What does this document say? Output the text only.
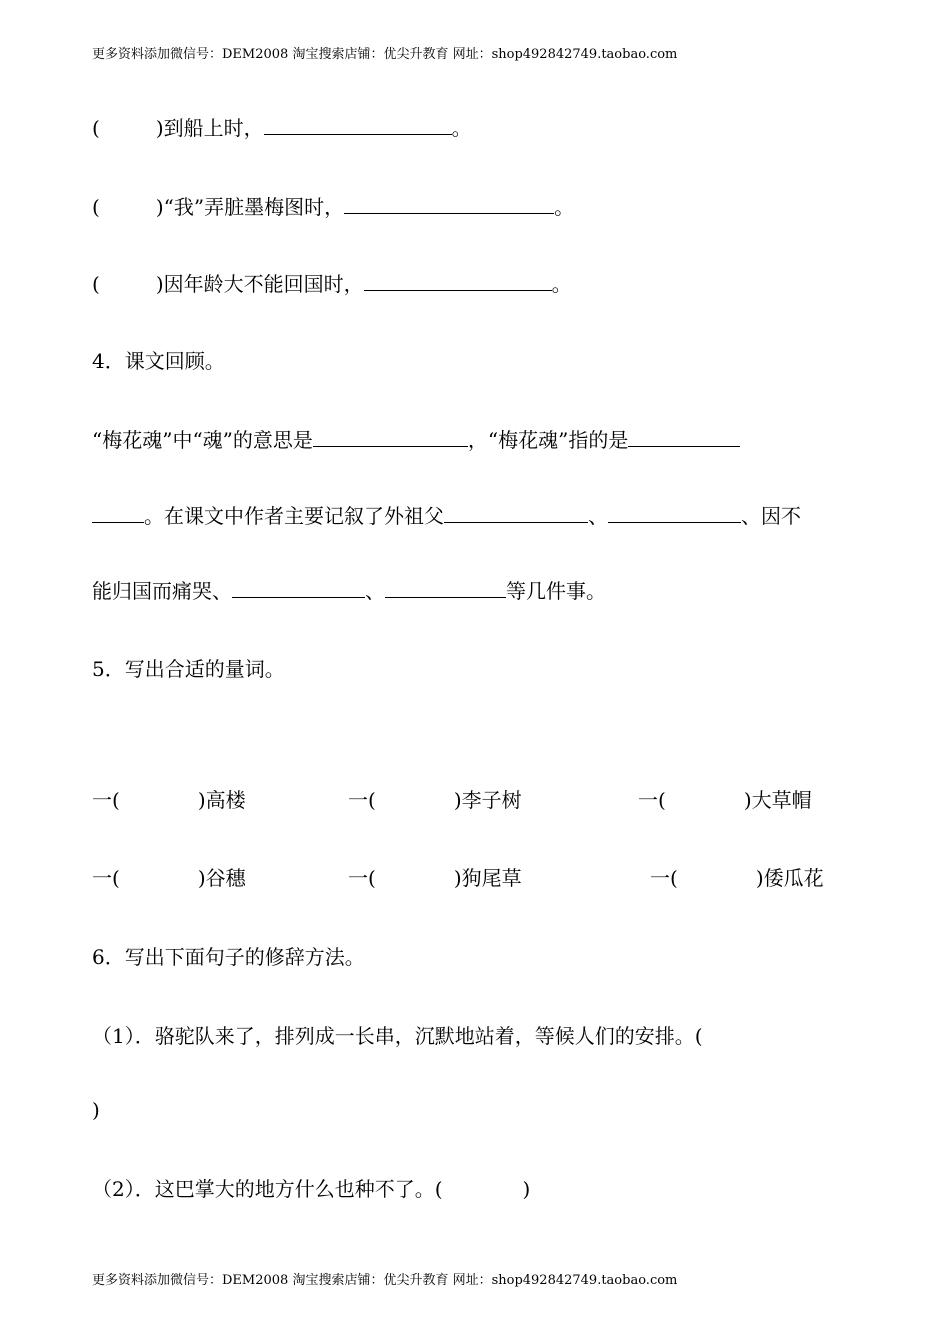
更多资料添加微信号：DEM2008 淘宝搜索店铺：优尖升教育 网址：shop492842749.taobao.com
(	)到船上时，	。
(	)“我”弄脏墨梅图时，	。
(	)因年龄大不能回国时，	。
4．课文回顾。
“梅花魂”中“魂”的意思是	，“梅花魂”指的是
。在课文中作者主要记叙了外祖父	、	、因不
能归国而痛哭、	、	等几件事。
5．写出合适的量词。
一(	)高楼	一(	)李子树	一(	)大草帽
一(	)谷穗	一(	)狗尾草	一(	)倭瓜花
6．写出下面句子的修辞方法。
（1）．骆驼队来了，排列成一长串，沉默地站着，等候人们的安排。(
)
（2）．这巴掌大的地方什么也种不了。(	)
更多资料添加微信号：DEM2008 淘宝搜索店铺：优尖升教育 网址：shop492842749.taobao.com
